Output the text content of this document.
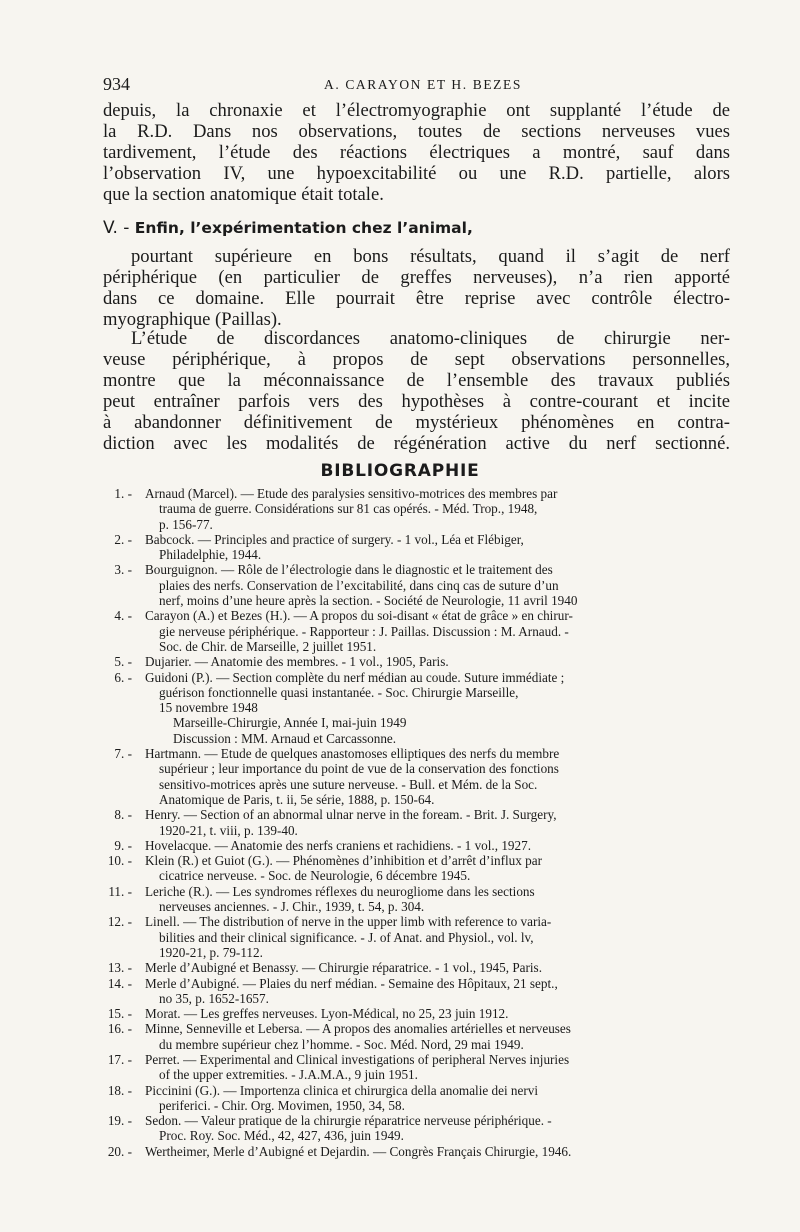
934	A. CARAYON ET H. BEZES

depuis, la chronaxie et l’électromyographie ont supplanté l’étude de
la R.D. Dans nos observations, toutes de sections nerveuses vues
tardivement, l’étude des réactions électriques a montré, sauf dans
l’observation IV, une hypoexcitabilité ou une R.D. partielle, alors
que la section anatomique était totale.

V. - Enfin, l’expérimentation chez l’animal,

pourtant supérieure en bons résultats, quand il s’agit de nerf
périphérique (en particulier de greffes nerveuses), n’a rien apporté
dans ce domaine. Elle pourrait être reprise avec contrôle électro-
myographique (Paillas).

L’étude de discordances anatomo-cliniques de chirurgie ner-
veuse périphérique, à propos de sept observations personnelles,
montre que la méconnaissance de l’ensemble des travaux publiés
peut entraîner parfois vers des hypothèses à contre-courant et incite
à abandonner définitivement de mystérieux phénomènes en contra-
diction avec les modalités de régénération active du nerf sectionné.

BIBLIOGRAPHIE
1. - Arnaud (Marcel). — Etude des paralysies sensitivo-motrices des membres par
trauma de guerre. Considérations sur 81 cas opérés. - Méd. Trop., 1948,
p. 156-77.
2. - Babcock. — Principles and practice of surgery. - 1 vol., Léa et Flébiger,
Philadelphie, 1944.
3. - Bourguignon. — Rôle de l’électrologie dans le diagnostic et le traitement des
plaies des nerfs. Conservation de l’excitabilité, dans cinq cas de suture d’un
nerf, moins d’une heure après la section. - Société de Neurologie, 11 avril 1940
4. - Carayon (A.) et Bezes (H.). — A propos du soi-disant « état de grâce » en chirur-
gie nerveuse périphérique. - Rapporteur : J. Paillas. Discussion : M. Arnaud. -
Soc. de Chir. de Marseille, 2 juillet 1951.
5. - Dujarier. — Anatomie des membres. - 1 vol., 1905, Paris.
6. - Guidoni (P.). — Section complète du nerf médian au coude. Suture immédiate ;
guérison fonctionnelle quasi instantanée. - Soc. Chirurgie Marseille,
15 novembre 1948
Marseille-Chirurgie, Année I, mai-juin 1949
Discussion : MM. Arnaud et Carcassonne.
7. - Hartmann. — Etude de quelques anastomoses elliptiques des nerfs du membre
supérieur ; leur importance du point de vue de la conservation des fonctions
sensitivo-motrices après une suture nerveuse. - Bull. et Mém. de la Soc.
Anatomique de Paris, t. ii, 5e série, 1888, p. 150-64.
8. - Henry. — Section of an abnormal ulnar nerve in the foream. - Brit. J. Surgery,
1920-21, t. viii, p. 139-40.
9. - Hovelacque. — Anatomie des nerfs craniens et rachidiens. - 1 vol., 1927.
10. - Klein (R.) et Guiot (G.). — Phénomènes d’inhibition et d’arrêt d’influx par
cicatrice nerveuse. - Soc. de Neurologie, 6 décembre 1945.
11. - Leriche (R.). — Les syndromes réflexes du neurogliome dans les sections
nerveuses anciennes. - J. Chir., 1939, t. 54, p. 304.
12. - Linell. — The distribution of nerve in the upper limb with reference to varia-
bilities and their clinical significance. - J. of Anat. and Physiol., vol. lv,
1920-21, p. 79-112.
13. - Merle d’Aubigné et Benassy. — Chirurgie réparatrice. - 1 vol., 1945, Paris.
14. - Merle d’Aubigné. — Plaies du nerf médian. - Semaine des Hôpitaux, 21 sept.,
no 35, p. 1652-1657.
15. - Morat. — Les greffes nerveuses. Lyon-Médical, no 25, 23 juin 1912.
16. - Minne, Senneville et Lebersa. — A propos des anomalies artérielles et nerveuses
du membre supérieur chez l’homme. - Soc. Méd. Nord, 29 mai 1949.
17. - Perret. — Experimental and Clinical investigations of peripheral Nerves injuries
of the upper extremities. - J.A.M.A., 9 juin 1951.
18. - Piccinini (G.). — Importenza clinica et chirurgica della anomalie dei nervi
periferici. - Chir. Org. Movimen, 1950, 34, 58.
19. - Sedon. — Valeur pratique de la chirurgie réparatrice nerveuse périphérique. -
Proc. Roy. Soc. Méd., 42, 427, 436, juin 1949.
20. - Wertheimer, Merle d’Aubigné et Dejardin. — Congrès Français Chirurgie, 1946.
